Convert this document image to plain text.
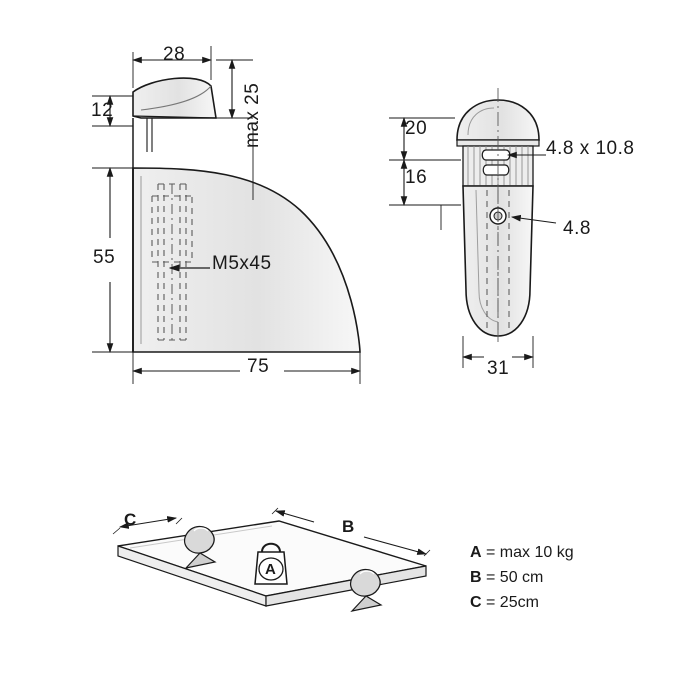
28
max 25
12
55
75
M5x45
20
16
4.8 x 10.8
4.8
31
C	B
A
A = max 10 kg
B = 50 cm
C = 25cm
